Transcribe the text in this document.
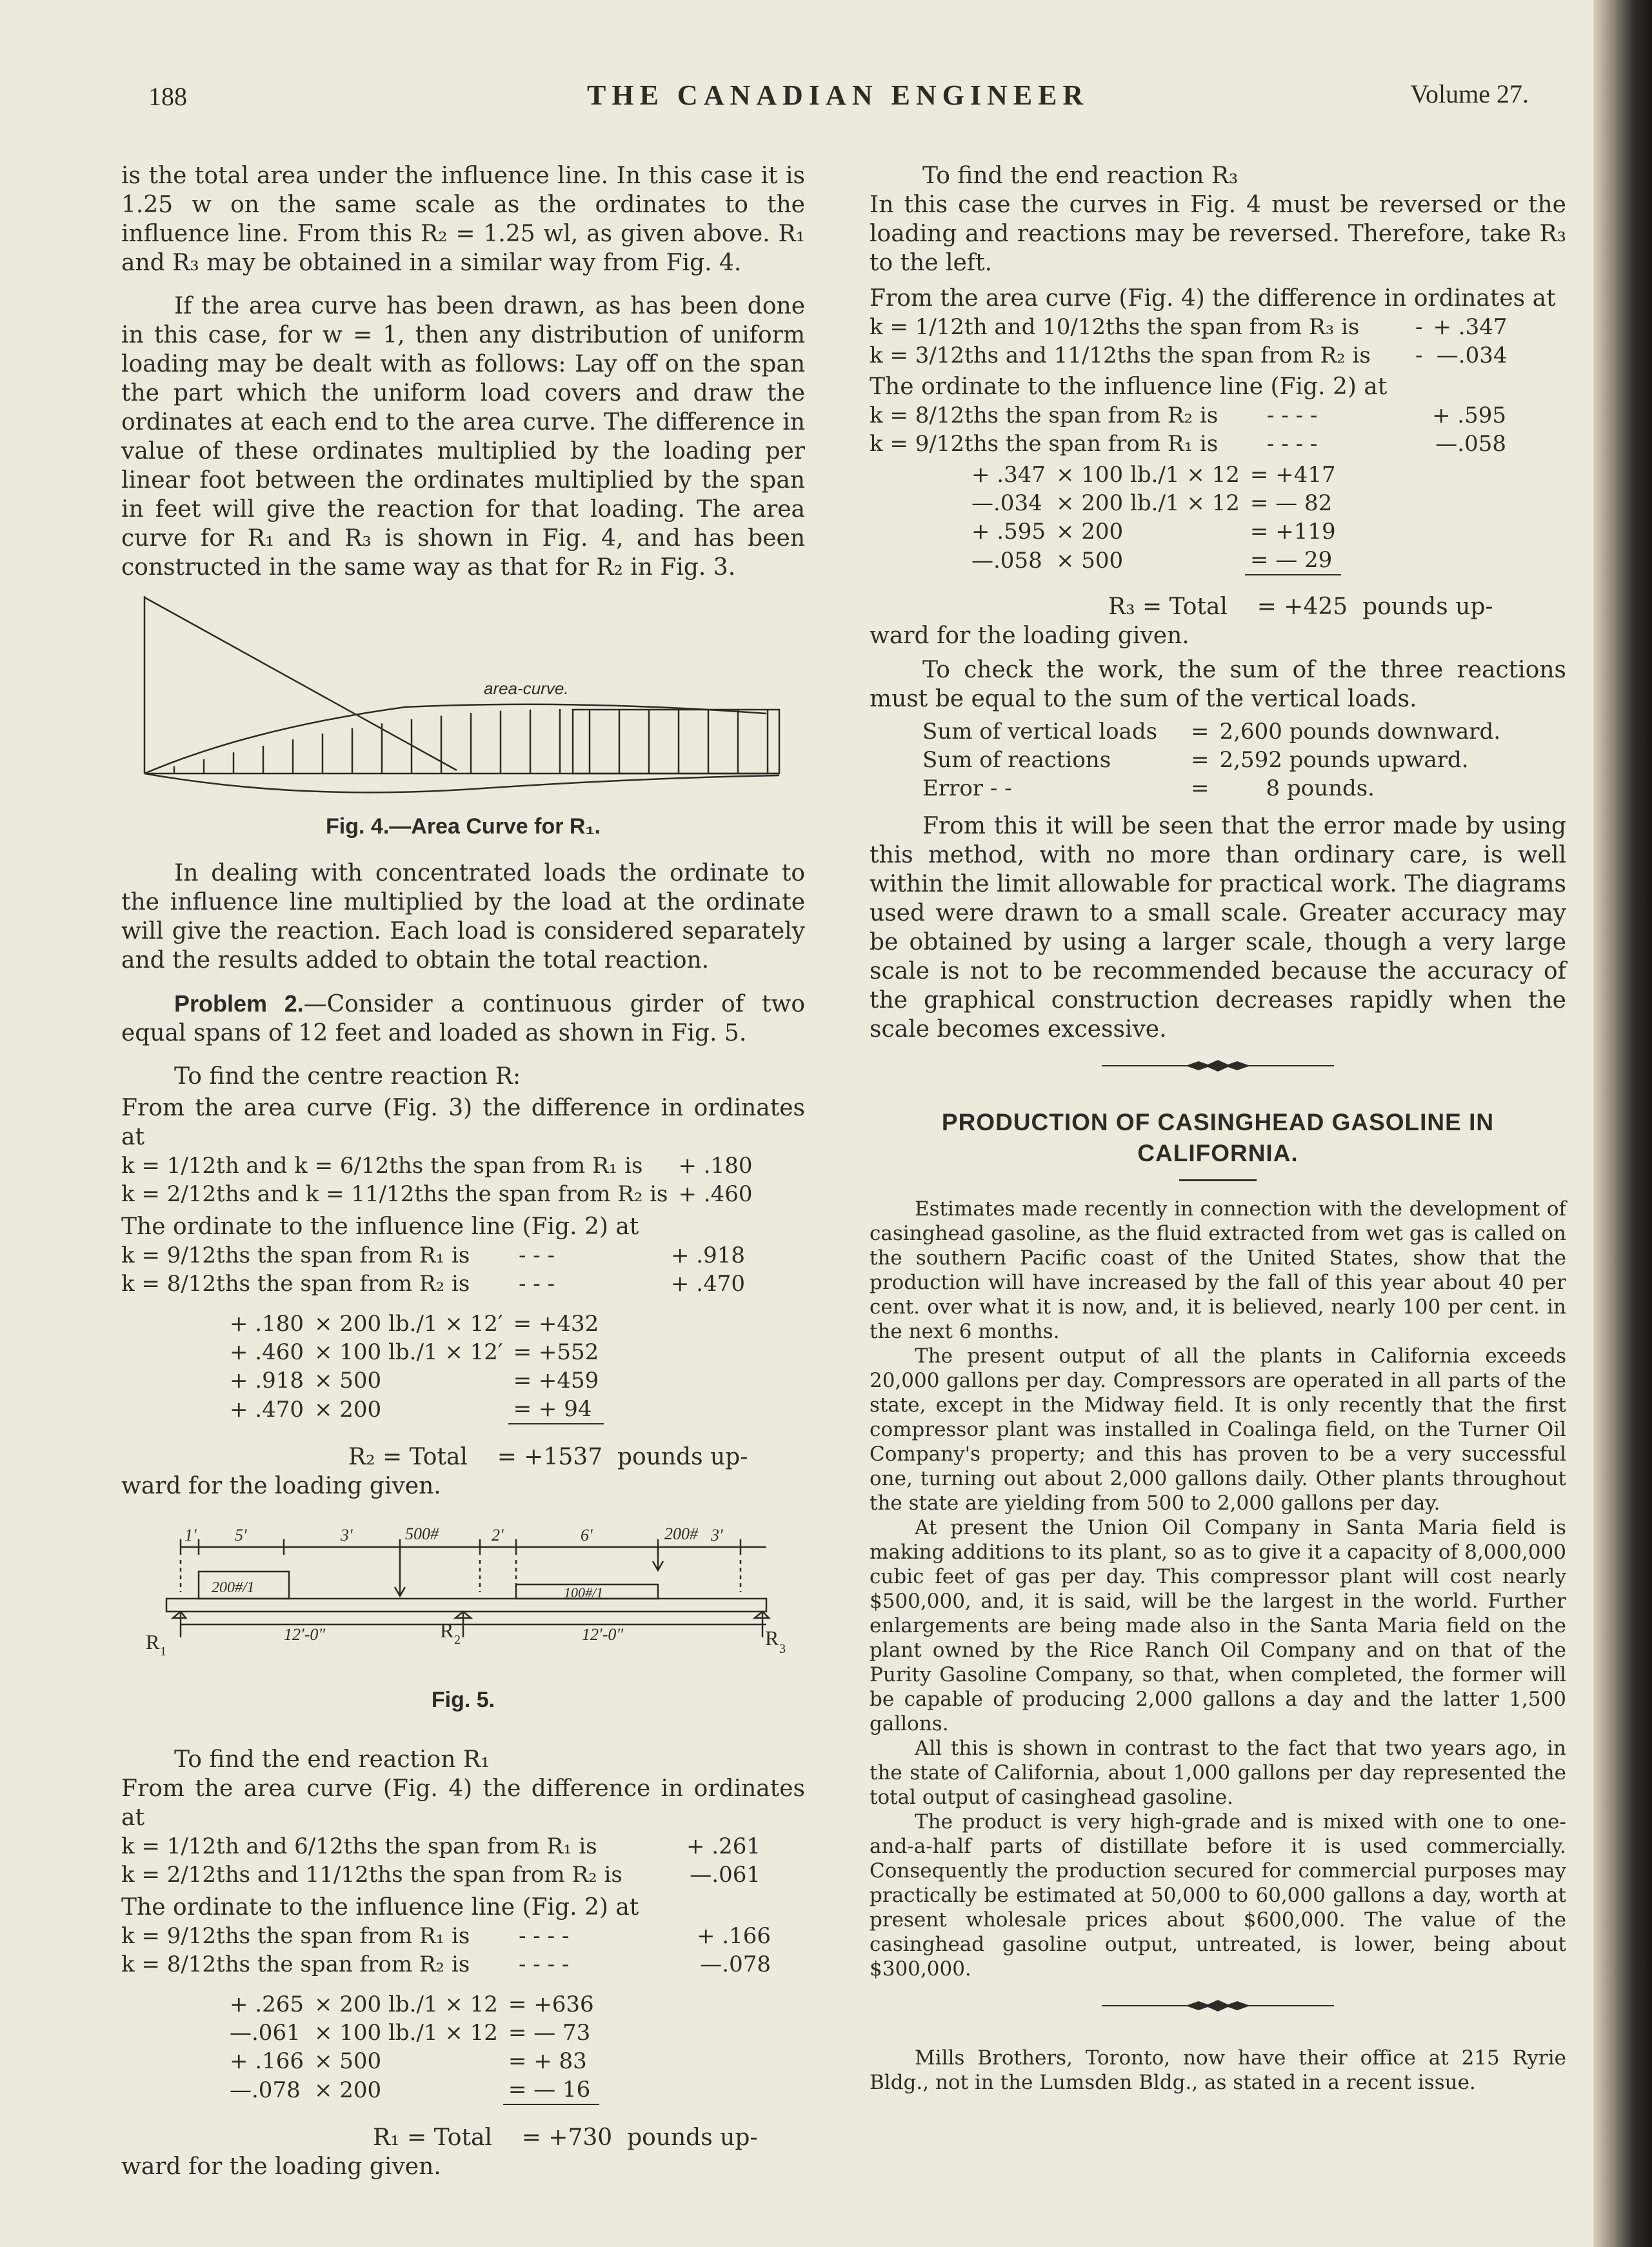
188	THE CANADIAN ENGINEER	Volume 27.

is the total area under the influence line. In this case it is 1.25 w on the same scale as the ordinates to the influence line. From this R₂ = 1.25 wl, as given above. R₁ and R₃ may be obtained in a similar way from Fig. 4.

If the area curve has been drawn, as has been done in this case, for w = 1, then any distribution of uniform loading may be dealt with as follows: Lay off on the span the part which the uniform load covers and draw the ordinates at each end to the area curve. The difference in value of these ordinates multiplied by the loading per linear foot between the ordinates multiplied by the span in feet will give the reaction for that loading. The area curve for R₁ and R₃ is shown in Fig. 4, and has been constructed in the same way as that for R₂ in Fig. 3.

area-curve.
Fig. 4.—Area Curve for R₁.

In dealing with concentrated loads the ordinate to the influence line multiplied by the load at the ordinate will give the reaction. Each load is considered separately and the results added to obtain the total reaction.

Problem 2.—Consider a continuous girder of two equal spans of 12 feet and loaded as shown in Fig. 5.

To find the centre reaction R:

From the area curve (Fig. 3) the difference in ordinates at

k = 1/12th and k = 6/12ths the span from R₁ is	+ .180
k = 2/12ths and k = 11/12ths the span from R₂ is	+ .460

The ordinate to the influence line (Fig. 2) at

k = 9/12ths the span from R₁ is	- - -	+ .918
k = 8/12ths the span from R₂ is	- - -	+ .470
+ .180	× 200 lb./1 × 12′	= +432
+ .460	× 100 lb./1 × 12′	= +552
+ .918	× 500	= +459
+ .470	× 200	= + 94

R₂ = Total = +1537 pounds up-

ward for the loading given.

1′ 5′	3′	2′	6′	3′
500#	200#
200#/1	100#/1
12′-0″	12′-0″
R 1
R 2	R 3
Fig. 5.

To find the end reaction R₁

From the area curve (Fig. 4) the difference in ordinates at

k = 1/12th and 6/12ths the span from R₁ is	+ .261
k = 2/12ths and 11/12ths the span from R₂ is	—.061

The ordinate to the influence line (Fig. 2) at

k = 9/12ths the span from R₁ is	- - - -	+ .166
k = 8/12ths the span from R₂ is	- - - -	—.078
+ .265	× 200 lb./1 × 12	= +636
—.061	× 100 lb./1 × 12	= — 73
+ .166	× 500	= + 83
—.078	× 200	= — 16

R₁ = Total = +730 pounds up-

ward for the loading given.

To find the end reaction R₃

In this case the curves in Fig. 4 must be reversed or the loading and reactions may be reversed. Therefore, take R₃ to the left.

From the area curve (Fig. 4) the difference in ordinates at

k = 1/12th and 10/12ths the span from R₃ is	-	+ .347
k = 3/12ths and 11/12ths the span from R₂ is	-	—.034

The ordinate to the influence line (Fig. 2) at

k = 8/12ths the span from R₂ is	- - - -	+ .595
k = 9/12ths the span from R₁ is	- - - -	—.058
+ .347	× 100 lb./1 × 12	= +417
—.034	× 200 lb./1 × 12	= — 82
+ .595	× 200	= +119
—.058	× 500	= — 29

R₃ = Total = +425 pounds up-

ward for the loading given.

To check the work, the sum of the three reactions must be equal to the sum of the vertical loads.

Sum of vertical loads	=	2,600 pounds downward.
Sum of reactions	=	2,592 pounds upward.
Error - -	=	8 pounds.

From this it will be seen that the error made by using this method, with no more than ordinary care, is well within the limit allowable for practical work. The diagrams used were drawn to a small scale. Greater accuracy may be obtained by using a larger scale, though a very large scale is not to be recommended because the accuracy of the graphical construction decreases rapidly when the scale becomes excessive.

PRODUCTION OF CASINGHEAD GASOLINE IN
CALIFORNIA.

Estimates made recently in connection with the development of casinghead gasoline, as the fluid extracted from wet gas is called on the southern Pacific coast of the United States, show that the production will have increased by the fall of this year about 40 per cent. over what it is now, and, it is believed, nearly 100 per cent. in the next 6 months.

The present output of all the plants in California exceeds 20,000 gallons per day. Compressors are operated in all parts of the state, except in the Midway field. It is only recently that the first compressor plant was installed in Coalinga field, on the Turner Oil Company's property; and this has proven to be a very successful one, turning out about 2,000 gallons daily. Other plants throughout the state are yielding from 500 to 2,000 gallons per day.

At present the Union Oil Company in Santa Maria field is making additions to its plant, so as to give it a capacity of 8,000,000 cubic feet of gas per day. This compressor plant will cost nearly $500,000, and, it is said, will be the largest in the world. Further enlargements are being made also in the Santa Maria field on the plant owned by the Rice Ranch Oil Company and on that of the Purity Gasoline Company, so that, when completed, the former will be capable of producing 2,000 gallons a day and the latter 1,500 gallons.

All this is shown in contrast to the fact that two years ago, in the state of California, about 1,000 gallons per day represented the total output of casinghead gasoline.

The product is very high-grade and is mixed with one to one-and-a-half parts of distillate before it is used commercially. Consequently the production secured for commercial purposes may practically be estimated at 50,000 to 60,000 gallons a day, worth at present wholesale prices about $600,000. The value of the casinghead gasoline output, untreated, is lower, being about $300,000.

Mills Brothers, Toronto, now have their office at 215 Ryrie Bldg., not in the Lumsden Bldg., as stated in a recent issue.
